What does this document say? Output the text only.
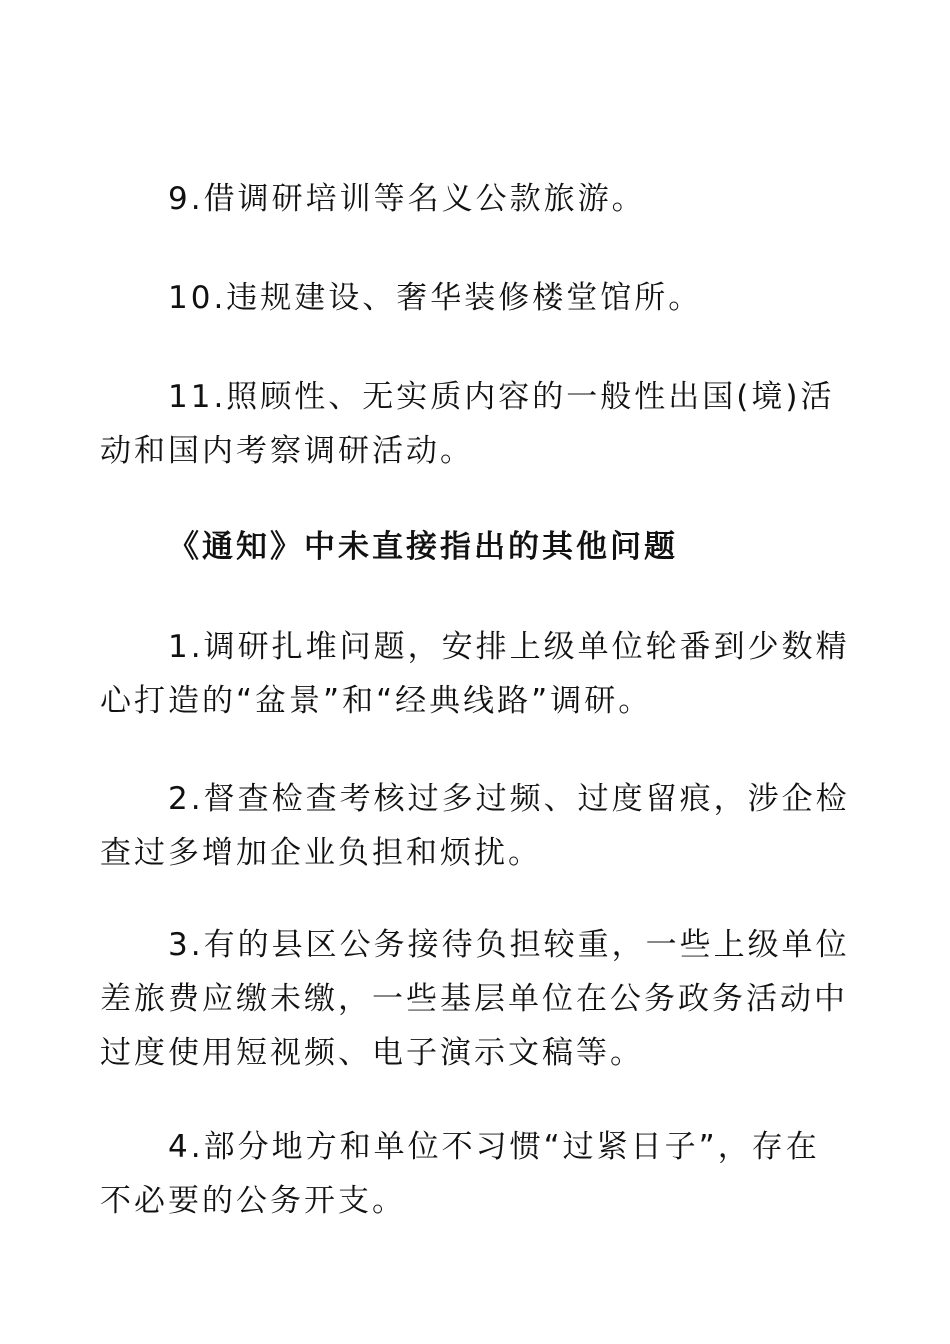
9.借调研培训等名义公款旅游。

10.违规建设、奢华装修楼堂馆所。

11.照顾性、无实质内容的一般性出国(境)活动和国内考察调研活动。

《通知》中未直接指出的其他问题

1.调研扎堆问题，安排上级单位轮番到少数精心打造的“盆景”和“经典线路”调研。

2.督查检查考核过多过频、过度留痕，涉企检查过多增加企业负担和烦扰。

3.有的县区公务接待负担较重，一些上级单位差旅费应缴未缴，一些基层单位在公务政务活动中过度使用短视频、电子演示文稿等。

4.部分地方和单位不习惯“过紧日子”，存在不必要的公务开支。
